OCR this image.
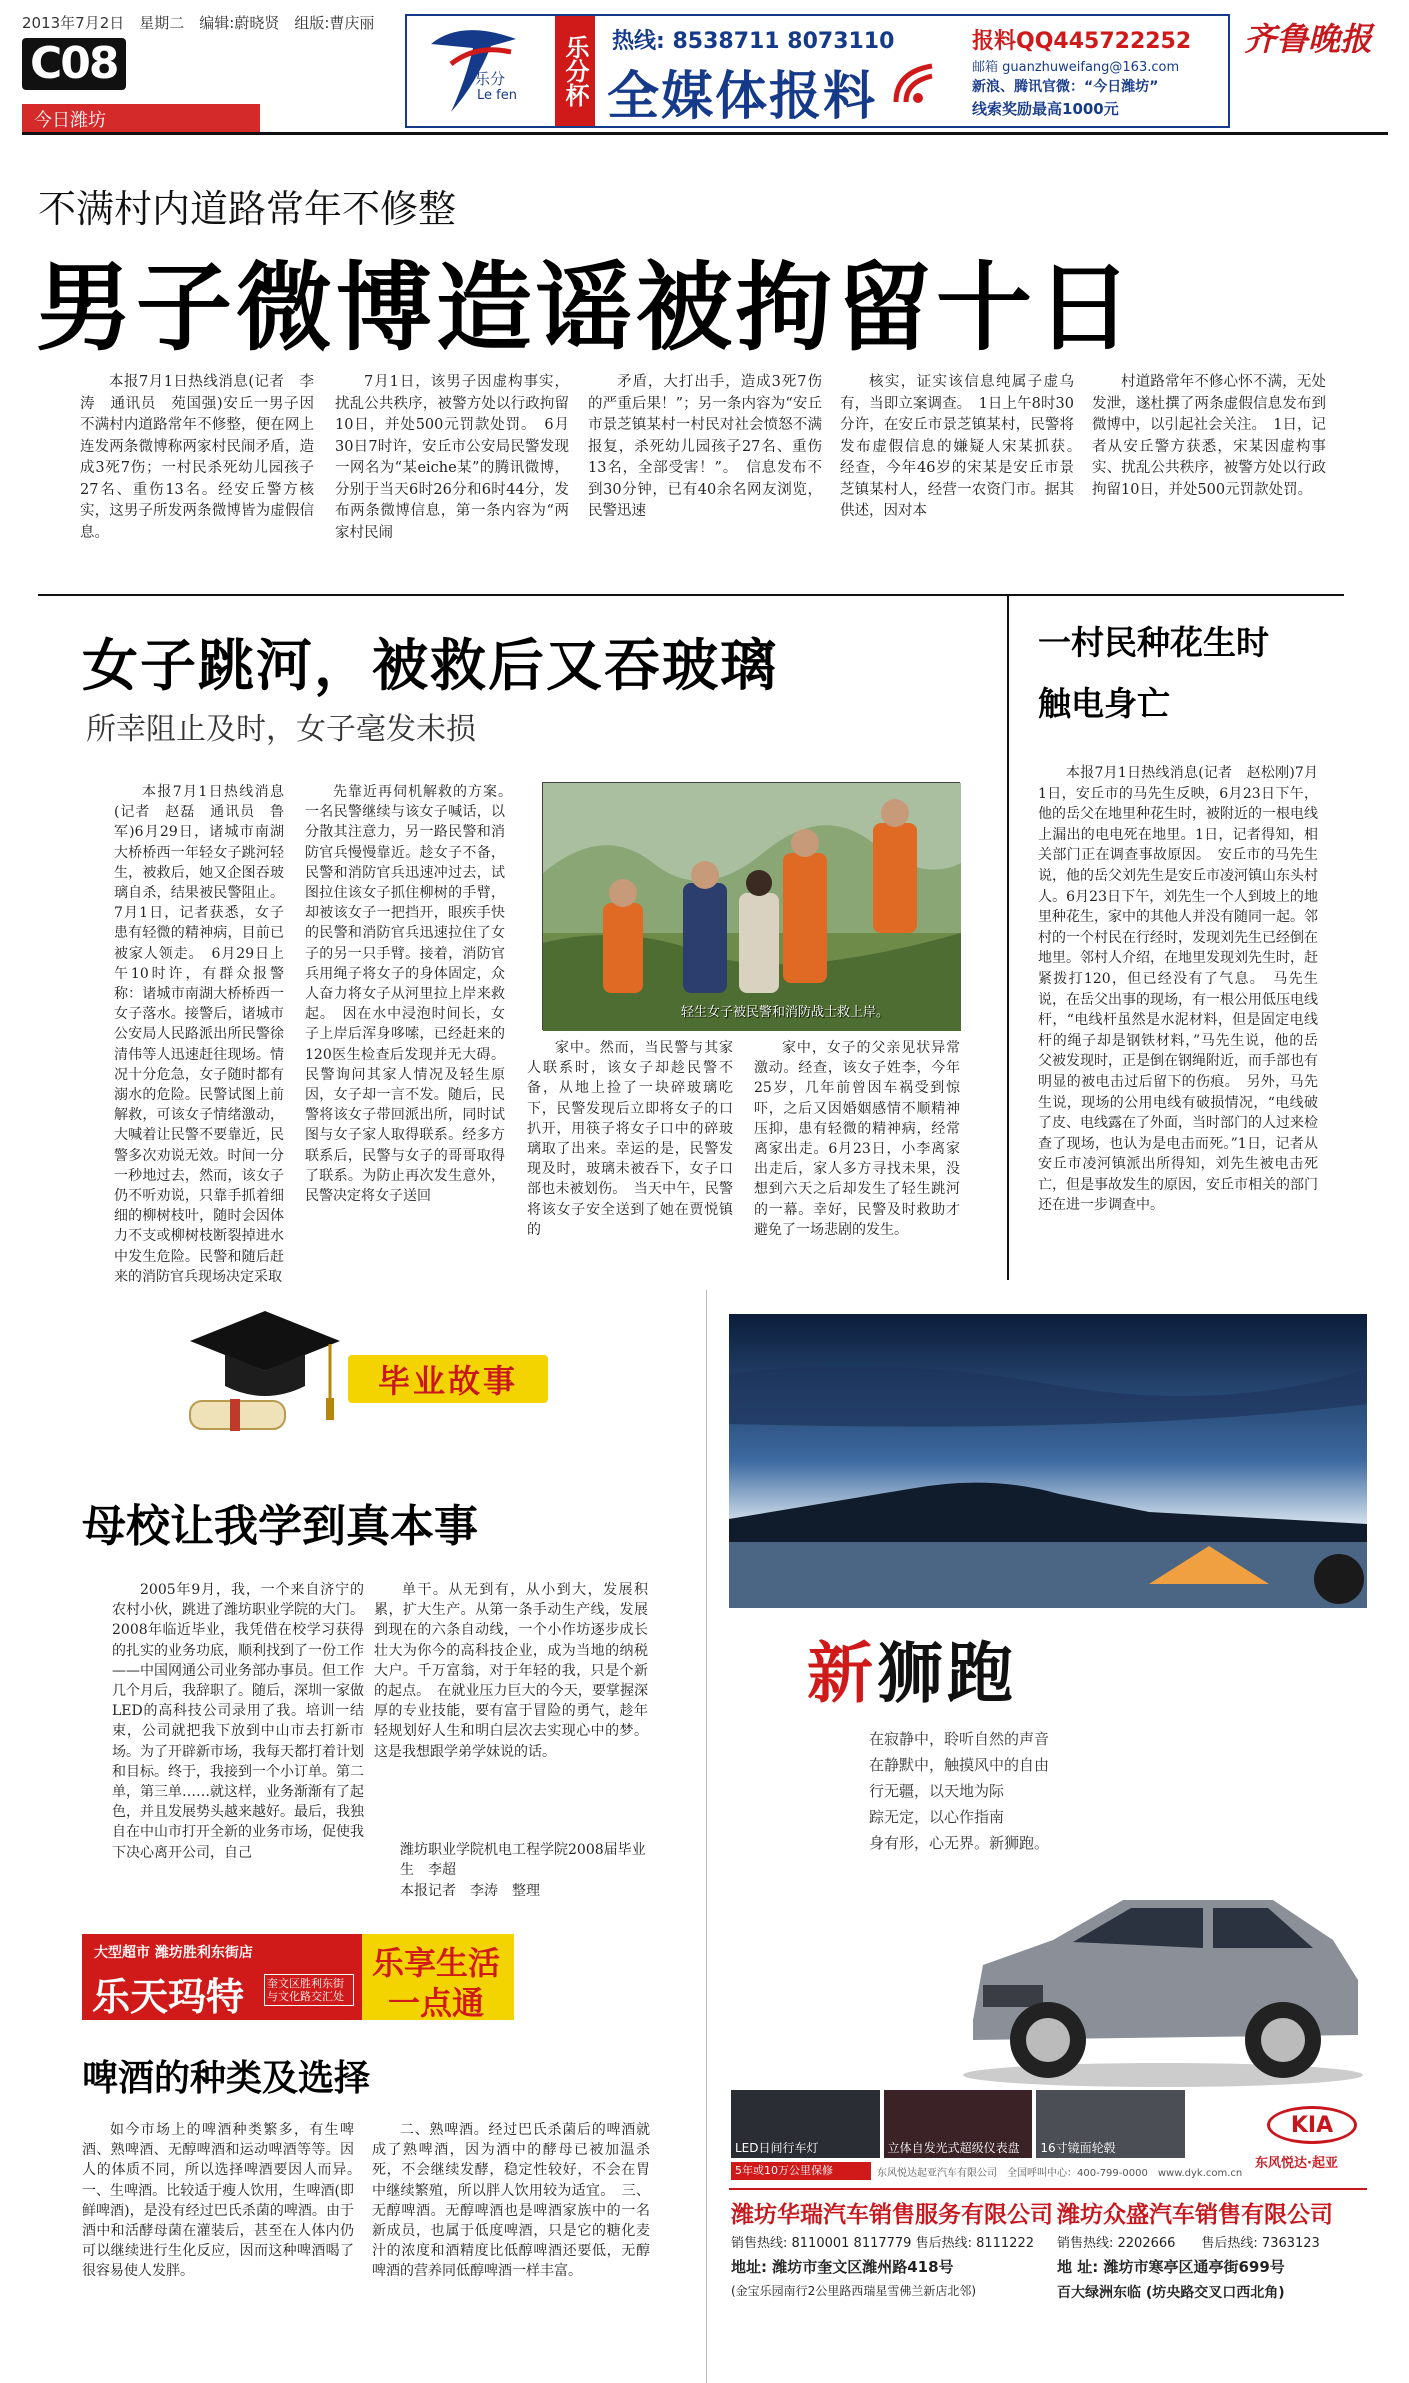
2013年7月2日　星期二　编辑:蔚晓贤　组版:曹庆丽
C08
今日潍坊
齐鲁晚报
乐分
Le fen 乐分杯 热线: 8538711 8073110
全媒体报料
报料QQ445722252
邮箱 guanzhuweifang@163.com
新浪、腾讯官微：“今日潍坊”
线索奖励最高1000元
不满村内道路常年不修整
男子微博造谣被拘留十日

本报7月1日热线消息(记者　李涛　通讯员　苑国强)安丘一男子因不满村内道路常年不修整，便在网上连发两条微博称两家村民闹矛盾，造成3死7伤；一村民杀死幼儿园孩子27名、重伤13名。经安丘警方核实，这男子所发两条微博皆为虚假信息。

7月1日，该男子因虚构事实，扰乱公共秩序，被警方处以行政拘留10日，并处500元罚款处罚。　6月30日7时许，安丘市公安局民警发现一网名为“某eiche某”的腾讯微博，分别于当天6时26分和6时44分，发布两条微博信息，第一条内容为“两家村民闹

矛盾，大打出手，造成3死7伤的严重后果！”；另一条内容为“安丘市景芝镇某村一村民对社会愤怒不满报复，杀死幼儿园孩子27名、重伤13名，全部受害！”。　信息发布不到30分钟，已有40余名网友浏览，民警迅速

核实，证实该信息纯属子虚乌有，当即立案调查。　1日上午8时30分许，在安丘市景芝镇某村，民警将发布虚假信息的嫌疑人宋某抓获。　经查，今年46岁的宋某是安丘市景芝镇某村人，经营一农资门市。据其供述，因对本

村道路常年不修心怀不满，无处发泄，遂杜撰了两条虚假信息发布到微博中，以引起社会关注。　1日，记者从安丘警方获悉，宋某因虚构事实、扰乱公共秩序，被警方处以行政拘留10日，并处500元罚款处罚。

女子跳河，被救后又吞玻璃
所幸阻止及时，女子毫发未损

本报7月1日热线消息(记者　赵磊　通讯员　鲁军)6月29日，诸城市南湖大桥桥西一年轻女子跳河轻生，被救后，她又企图吞玻璃自杀，结果被民警阻止。7月1日，记者获悉，女子患有轻微的精神病，目前已被家人领走。　6月29日上午10时许，有群众报警称：诸城市南湖大桥桥西一女子落水。接警后，诸城市公安局人民路派出所民警徐清伟等人迅速赶往现场。情况十分危急，女子随时都有溺水的危险。民警试图上前解救，可该女子情绪激动，大喊着让民警不要靠近，民警多次劝说无效。时间一分一秒地过去，然而，该女子仍不听劝说，只靠手抓着细细的柳树枝叶，随时会因体力不支或柳树枝断裂掉进水中发生危险。民警和随后赶来的消防官兵现场决定采取

先靠近再伺机解救的方案。　一名民警继续与该女子喊话，以分散其注意力，另一路民警和消防官兵慢慢靠近。趁女子不备，民警和消防官兵迅速冲过去，试图拉住该女子抓住柳树的手臂，却被该女子一把挡开，眼疾手快的民警和消防官兵迅速拉住了女子的另一只手臂。接着，消防官兵用绳子将女子的身体固定，众人奋力将女子从河里拉上岸来救起。　因在水中浸泡时间长，女子上岸后浑身哆嗦，已经赶来的120医生检查后发现并无大碍。民警询问其家人情况及轻生原因，女子却一言不发。随后，民警将该女子带回派出所，同时试图与女子家人取得联系。经多方联系后，民警与女子的哥哥取得了联系。为防止再次发生意外，民警决定将女子送回

轻生女子被民警和消防战士救上岸。

家中。然而，当民警与其家人联系时，该女子却趁民警不备，从地上捡了一块碎玻璃吃下，民警发现后立即将女子的口扒开，用筷子将女子口中的碎玻璃取了出来。幸运的是，民警发现及时，玻璃未被吞下，女子口部也未被划伤。　当天中午，民警将该女子安全送到了她在贾悦镇的

家中，女子的父亲见状异常激动。经查，该女子姓李，今年25岁，几年前曾因车祸受到惊吓，之后又因婚姻感情不顺精神压抑，患有轻微的精神病，经常离家出走。6月23日，小李离家出走后，家人多方寻找未果，没想到六天之后却发生了轻生跳河的一幕。幸好，民警及时救助才避免了一场悲剧的发生。

一村民种花生时
触电身亡

本报7月1日热线消息(记者　赵松刚)7月1日，安丘市的马先生反映，6月23日下午，他的岳父在地里种花生时，被附近的一根电线上漏出的电电死在地里。1日，记者得知，相关部门正在调查事故原因。　安丘市的马先生说，他的岳父刘先生是安丘市凌河镇山东头村人。6月23日下午，刘先生一个人到坡上的地里种花生，家中的其他人并没有随同一起。邻村的一个村民在行经时，发现刘先生已经倒在地里。邻村人介绍，在地里发现刘先生时，赶紧拨打120，但已经没有了气息。　马先生说，在岳父出事的现场，有一根公用低压电线杆，“电线杆虽然是水泥材料，但是固定电线杆的绳子却是钢铁材料，”马先生说，他的岳父被发现时，正是倒在钢绳附近，而手部也有明显的被电击过后留下的伤痕。　另外，马先生说，现场的公用电线有破损情况，“电线破了皮、电线露在了外面，当时部门的人过来检查了现场，也认为是电击而死。”1日，记者从安丘市凌河镇派出所得知，刘先生被电击死亡，但是事故发生的原因，安丘市相关的部门还在进一步调查中。

毕业故事
母校让我学到真本事

2005年9月，我，一个来自济宁的农村小伙，跳进了潍坊职业学院的大门。2008年临近毕业，我凭借在校学习获得的扎实的业务功底，顺利找到了一份工作——中国网通公司业务部办事员。但工作几个月后，我辞职了。随后，深圳一家做LED的高科技公司录用了我。培训一结束，公司就把我下放到中山市去打新市场。为了开辟新市场，我每天都打着计划和目标。终于，我接到一个小订单。第二单，第三单……就这样，业务渐渐有了起色，并且发展势头越来越好。最后，我独自在中山市打开全新的业务市场，促使我下决心离开公司，自己

单干。从无到有，从小到大，发展积累，扩大生产。从第一条手动生产线，发展到现在的六条自动线，一个小作坊逐步成长壮大为你今的高科技企业，成为当地的纳税大户。千万富翁，对于年轻的我，只是个新的起点。　在就业压力巨大的今天，要掌握深厚的专业技能，要有富于冒险的勇气，趁年轻规划好人生和明白层次去实现心中的梦。这是我想跟学弟学妹说的话。

潍坊职业学院机电工程学院2008届毕业生　李超
本报记者　李涛　整理
大型超市 潍坊胜利东街店
乐天玛特 奎文区胜利东街与文化路交汇处
乐享生活
一点通
啤酒的种类及选择

如今市场上的啤酒种类繁多，有生啤酒、熟啤酒、无醇啤酒和运动啤酒等等。因人的体质不同，所以选择啤酒要因人而异。　一、生啤酒。比较适于瘦人饮用，生啤酒(即鲜啤酒)，是没有经过巴氏杀菌的啤酒。由于酒中和活酵母菌在灌装后，甚至在人体内仍可以继续进行生化反应，因而这种啤酒喝了很容易使人发胖。

二、熟啤酒。经过巴氏杀菌后的啤酒就成了熟啤酒，因为酒中的酵母已被加温杀死，不会继续发酵，稳定性较好，不会在胃中继续繁殖，所以胖人饮用较为适宜。　三、无醇啤酒。无醇啤酒也是啤酒家族中的一名新成员，也属于低度啤酒，只是它的糖化麦汁的浓度和酒精度比低醇啤酒还要低，无醇啤酒的营养同低醇啤酒一样丰富。

新狮跑
在寂静中，聆听自然的声音
在静默中，触摸风中的自由
行无疆，以天地为际
踪无定，以心作指南
身有形，心无界。新狮跑。
LED日间行车灯	立体自发光式超级仪表盘 16寸镜面轮毂
5年或10万公里保修	东风悦达起亚汽车有限公司　全国呼叫中心：400-799-0000　www.dyk.com.cn
KIA
东风悦达·起亚
潍坊华瑞汽车销售服务有限公司
销售热线: 8110001 8117779 售后热线: 8111222
地址: 潍坊市奎文区潍州路418号
(金宝乐园南行2公里路西瑞星雪佛兰新店北邻)
潍坊众盛汽车销售有限公司
销售热线: 2202666　　售后热线: 7363123
地 址: 潍坊市寒亭区通亭街699号
百大绿洲东临 (坊央路交叉口西北角)
